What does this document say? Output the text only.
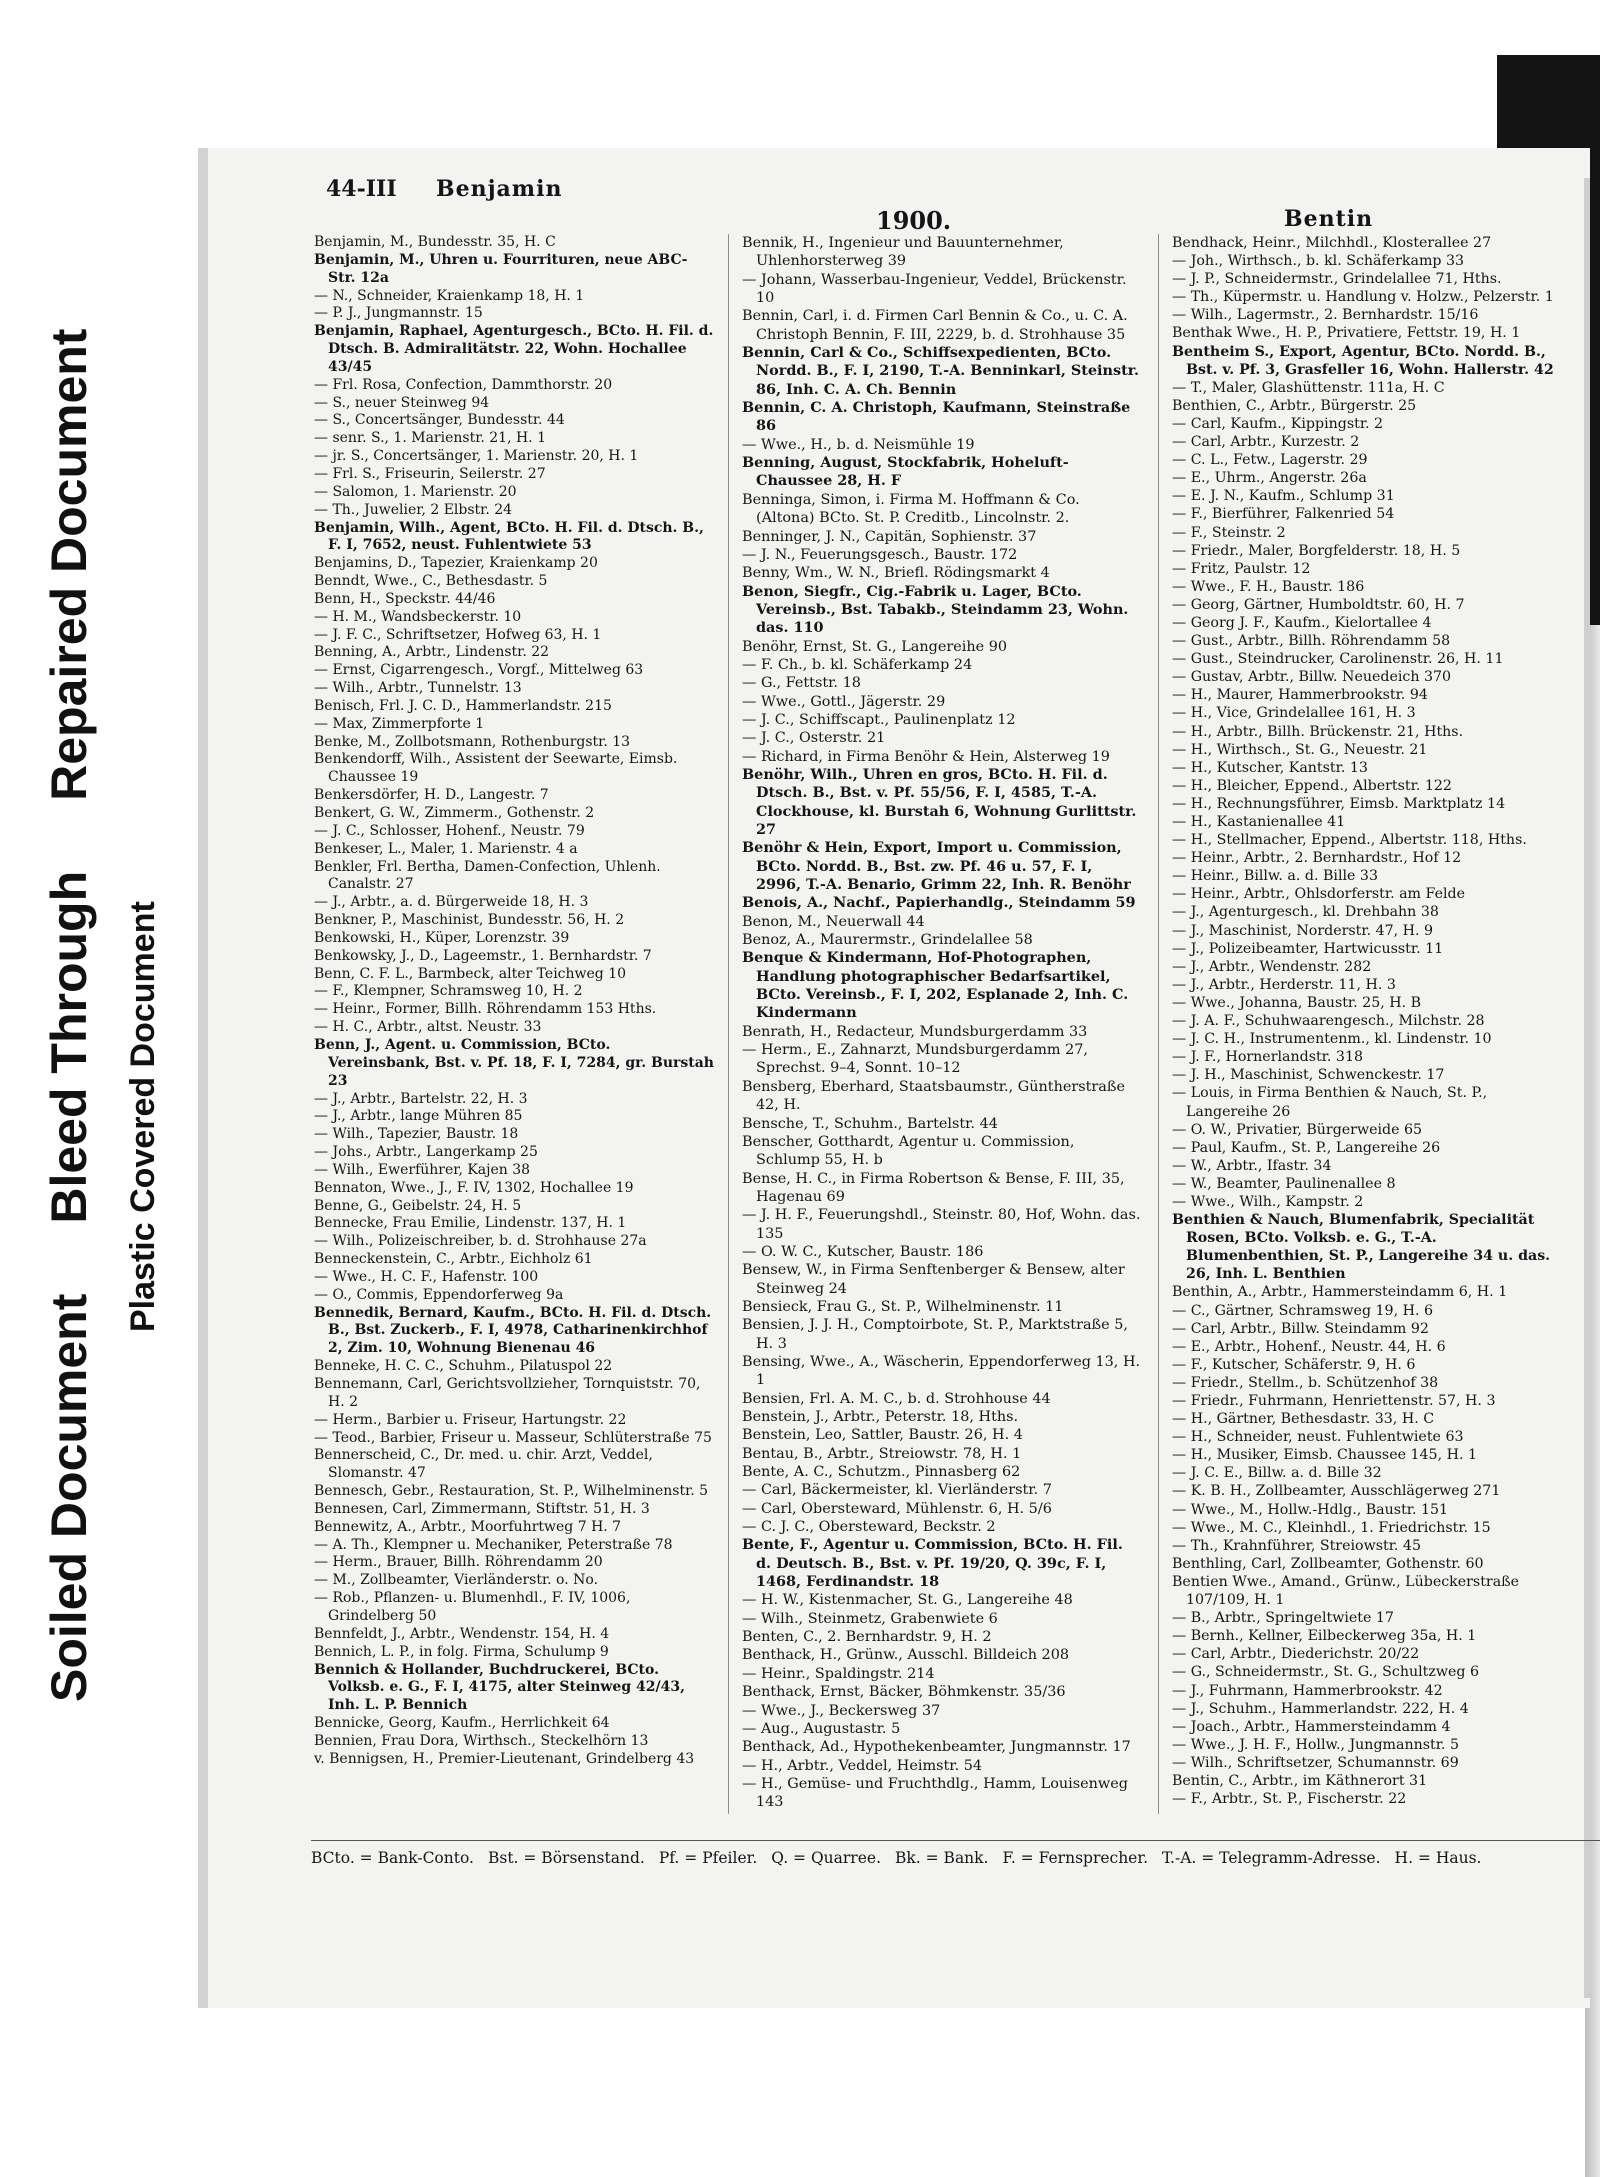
Soiled Document
Bleed Through
Repaired Document
Plastic Covered Document
44-III Benjamin
1900.	Bentin

Benjamin, M., Bundesstr. 35, H. C

Benjamin, M., Uhren u. Fourrituren, neue ABC-Str. 12a

— N., Schneider, Kraienkamp 18, H. 1

— P. J., Jungmannstr. 15

Benjamin, Raphael, Agenturgesch., BCto. H. Fil. d. Dtsch. B. Admiralitätstr. 22, Wohn. Hochallee 43/45

— Frl. Rosa, Confection, Dammthorstr. 20

— S., neuer Steinweg 94

— S., Concertsänger, Bundesstr. 44

— senr. S., 1. Marienstr. 21, H. 1

— jr. S., Concertsänger, 1. Marienstr. 20, H. 1

— Frl. S., Friseurin, Seilerstr. 27

— Salomon, 1. Marienstr. 20

— Th., Juwelier, 2 Elbstr. 24

Benjamin, Wilh., Agent, BCto. H. Fil. d. Dtsch. B., F. I, 7652, neust. Fuhlentwiete 53

Benjamins, D., Tapezier, Kraienkamp 20

Benndt, Wwe., C., Bethesdastr. 5

Benn, H., Speckstr. 44/46

— H. M., Wandsbeckerstr. 10

— J. F. C., Schriftsetzer, Hofweg 63, H. 1

Benning, A., Arbtr., Lindenstr. 22

— Ernst, Cigarrengesch., Vorgf., Mittelweg 63

— Wilh., Arbtr., Tunnelstr. 13

Benisch, Frl. J. C. D., Hammerlandstr. 215

— Max, Zimmerpforte 1

Benke, M., Zollbotsmann, Rothenburgstr. 13

Benkendorff, Wilh., Assistent der Seewarte, Eimsb. Chaussee 19

Benkersdörfer, H. D., Langestr. 7

Benkert, G. W., Zimmerm., Gothenstr. 2

— J. C., Schlosser, Hohenf., Neustr. 79

Benkeser, L., Maler, 1. Marienstr. 4 a

Benkler, Frl. Bertha, Damen-Confection, Uhlenh. Canalstr. 27

— J., Arbtr., a. d. Bürgerweide 18, H. 3

Benkner, P., Maschinist, Bundesstr. 56, H. 2

Benkowski, H., Küper, Lorenzstr. 39

Benkowsky, J., D., Lageemstr., 1. Bernhardstr. 7

Benn, C. F. L., Barmbeck, alter Teichweg 10

— F., Klempner, Schramsweg 10, H. 2

— Heinr., Former, Billh. Röhrendamm 153 Hths.

— H. C., Arbtr., altst. Neustr. 33

Benn, J., Agent. u. Commission, BCto. Vereinsbank, Bst. v. Pf. 18, F. I, 7284, gr. Burstah 23

— J., Arbtr., Bartelstr. 22, H. 3

— J., Arbtr., lange Mühren 85

— Wilh., Tapezier, Baustr. 18

— Johs., Arbtr., Langerkamp 25

— Wilh., Ewerführer, Kajen 38

Bennaton, Wwe., J., F. IV, 1302, Hochallee 19

Benne, G., Geibelstr. 24, H. 5

Bennecke, Frau Emilie, Lindenstr. 137, H. 1

— Wilh., Polizeischreiber, b. d. Strohhause 27a

Benneckenstein, C., Arbtr., Eichholz 61

— Wwe., H. C. F., Hafenstr. 100

— O., Commis, Eppendorferweg 9a

Bennedik, Bernard, Kaufm., BCto. H. Fil. d. Dtsch. B., Bst. Zuckerb., F. I, 4978, Catharinenkirchhof 2, Zim. 10, Wohnung Bienenau 46

Benneke, H. C. C., Schuhm., Pilatuspol 22

Bennemann, Carl, Gerichtsvollzieher, Tornquiststr. 70, H. 2

— Herm., Barbier u. Friseur, Hartungstr. 22

— Teod., Barbier, Friseur u. Masseur, Schlüterstraße 75

Bennerscheid, C., Dr. med. u. chir. Arzt, Veddel, Slomanstr. 47

Bennesch, Gebr., Restauration, St. P., Wilhelminenstr. 5

Bennesen, Carl, Zimmermann, Stiftstr. 51, H. 3

Bennewitz, A., Arbtr., Moorfuhrtweg 7 H. 7

— A. Th., Klempner u. Mechaniker, Peterstraße 78

— Herm., Brauer, Billh. Röhrendamm 20

— M., Zollbeamter, Vierländerstr. o. No.

— Rob., Pflanzen- u. Blumenhdl., F. IV, 1006, Grindelberg 50

Bennfeldt, J., Arbtr., Wendenstr. 154, H. 4

Bennich, L. P., in folg. Firma, Schulump 9

Bennich & Hollander, Buchdruckerei, BCto. Volksb. e. G., F. I, 4175, alter Steinweg 42/43, Inh. L. P. Bennich

Bennicke, Georg, Kaufm., Herrlichkeit 64

Bennien, Frau Dora, Wirthsch., Steckelhörn 13

v. Bennigsen, H., Premier-Lieutenant, Grindelberg 43

Bennik, H., Ingenieur und Bauunternehmer, Uhlenhorsterweg 39

— Johann, Wasserbau-Ingenieur, Veddel, Brückenstr. 10

Bennin, Carl, i. d. Firmen Carl Bennin & Co., u. C. A. Christoph Bennin, F. III, 2229, b. d. Strohhause 35

Bennin, Carl & Co., Schiffsexpedienten, BCto. Nordd. B., F. I, 2190, T.-A. Benninkarl, Steinstr. 86, Inh. C. A. Ch. Bennin

Bennin, C. A. Christoph, Kaufmann, Steinstraße 86

— Wwe., H., b. d. Neismühle 19

Benning, August, Stockfabrik, Hoheluft-Chaussee 28, H. F

Benninga, Simon, i. Firma M. Hoffmann & Co. (Altona) BCto. St. P. Creditb., Lincolnstr. 2.

Benninger, J. N., Capitän, Sophienstr. 37

— J. N., Feuerungsgesch., Baustr. 172

Benny, Wm., W. N., Briefl. Rödingsmarkt 4

Benon, Siegfr., Cig.-Fabrik u. Lager, BCto. Vereinsb., Bst. Tabakb., Steindamm 23, Wohn. das. 110

Benöhr, Ernst, St. G., Langereihe 90

— F. Ch., b. kl. Schäferkamp 24

— G., Fettstr. 18

— Wwe., Gottl., Jägerstr. 29

— J. C., Schiffscapt., Paulinenplatz 12

— J. C., Osterstr. 21

— Richard, in Firma Benöhr & Hein, Alsterweg 19

Benöhr, Wilh., Uhren en gros, BCto. H. Fil. d. Dtsch. B., Bst. v. Pf. 55/56, F. I, 4585, T.-A. Clockhouse, kl. Burstah 6, Wohnung Gurlittstr. 27

Benöhr & Hein, Export, Import u. Commission, BCto. Nordd. B., Bst. zw. Pf. 46 u. 57, F. I, 2996, T.-A. Benario, Grimm 22, Inh. R. Benöhr

Benois, A., Nachf., Papierhandlg., Steindamm 59

Benon, M., Neuerwall 44

Benoz, A., Maurermstr., Grindelallee 58

Benque & Kindermann, Hof-Photographen, Handlung photographischer Bedarfsartikel, BCto. Vereinsb., F. I, 202, Esplanade 2, Inh. C. Kindermann

Benrath, H., Redacteur, Mundsburgerdamm 33

— Herm., E., Zahnarzt, Mundsburgerdamm 27, Sprechst. 9–4, Sonnt. 10–12

Bensberg, Eberhard, Staatsbaumstr., Güntherstraße 42, H.

Bensche, T., Schuhm., Bartelstr. 44

Benscher, Gotthardt, Agentur u. Commission, Schlump 55, H. b

Bense, H. C., in Firma Robertson & Bense, F. III, 35, Hagenau 69

— J. H. F., Feuerungshdl., Steinstr. 80, Hof, Wohn. das. 135

— O. W. C., Kutscher, Baustr. 186

Bensew, W., in Firma Senftenberger & Bensew, alter Steinweg 24

Bensieck, Frau G., St. P., Wilhelminenstr. 11

Bensien, J. J. H., Comptoirbote, St. P., Marktstraße 5, H. 3

Bensing, Wwe., A., Wäscherin, Eppendorferweg 13, H. 1

Bensien, Frl. A. M. C., b. d. Strohhouse 44

Benstein, J., Arbtr., Peterstr. 18, Hths.

Benstein, Leo, Sattler, Baustr. 26, H. 4

Bentau, B., Arbtr., Streiowstr. 78, H. 1

Bente, A. C., Schutzm., Pinnasberg 62

— Carl, Bäckermeister, kl. Vierländerstr. 7

— Carl, Obersteward, Mühlenstr. 6, H. 5/6

— C. J. C., Obersteward, Beckstr. 2

Bente, F., Agentur u. Commission, BCto. H. Fil. d. Deutsch. B., Bst. v. Pf. 19/20, Q. 39c, F. I, 1468, Ferdinandstr. 18

— H. W., Kistenmacher, St. G., Langereihe 48

— Wilh., Steinmetz, Grabenwiete 6

Benten, C., 2. Bernhardstr. 9, H. 2

Benthack, H., Grünw., Ausschl. Billdeich 208

— Heinr., Spaldingstr. 214

Benthack, Ernst, Bäcker, Böhmkenstr. 35/36

— Wwe., J., Beckersweg 37

— Aug., Augustastr. 5

Benthack, Ad., Hypothekenbeamter, Jungmannstr. 17

— H., Arbtr., Veddel, Heimstr. 54

— H., Gemüse- und Fruchthdlg., Hamm, Louisenweg 143

Bendhack, Heinr., Milchhdl., Klosterallee 27

— Joh., Wirthsch., b. kl. Schäferkamp 33

— J. P., Schneidermstr., Grindelallee 71, Hths.

— Th., Küpermstr. u. Handlung v. Holzw., Pelzerstr. 1

— Wilh., Lagermstr., 2. Bernhardstr. 15/16

Benthak Wwe., H. P., Privatiere, Fettstr. 19, H. 1

Bentheim S., Export, Agentur, BCto. Nordd. B., Bst. v. Pf. 3, Grasfeller 16, Wohn. Hallerstr. 42

— T., Maler, Glashüttenstr. 111a, H. C

Benthien, C., Arbtr., Bürgerstr. 25

— Carl, Kaufm., Kippingstr. 2

— Carl, Arbtr., Kurzestr. 2

— C. L., Fetw., Lagerstr. 29

— E., Uhrm., Angerstr. 26a

— E. J. N., Kaufm., Schlump 31

— F., Bierführer, Falkenried 54

— F., Steinstr. 2

— Friedr., Maler, Borgfelderstr. 18, H. 5

— Fritz, Paulstr. 12

— Wwe., F. H., Baustr. 186

— Georg, Gärtner, Humboldtstr. 60, H. 7

— Georg J. F., Kaufm., Kielortallee 4

— Gust., Arbtr., Billh. Röhrendamm 58

— Gust., Steindrucker, Carolinenstr. 26, H. 11

— Gustav, Arbtr., Billw. Neuedeich 370

— H., Maurer, Hammerbrookstr. 94

— H., Vice, Grindelallee 161, H. 3

— H., Arbtr., Billh. Brückenstr. 21, Hths.

— H., Wirthsch., St. G., Neuestr. 21

— H., Kutscher, Kantstr. 13

— H., Bleicher, Eppend., Albertstr. 122

— H., Rechnungsführer, Eimsb. Marktplatz 14

— H., Kastanienallee 41

— H., Stellmacher, Eppend., Albertstr. 118, Hths.

— Heinr., Arbtr., 2. Bernhardstr., Hof 12

— Heinr., Billw. a. d. Bille 33

— Heinr., Arbtr., Ohlsdorferstr. am Felde

— J., Agenturgesch., kl. Drehbahn 38

— J., Maschinist, Norderstr. 47, H. 9

— J., Polizeibeamter, Hartwicusstr. 11

— J., Arbtr., Wendenstr. 282

— J., Arbtr., Herderstr. 11, H. 3

— Wwe., Johanna, Baustr. 25, H. B

— J. A. F., Schuhwaarengesch., Milchstr. 28

— J. C. H., Instrumentenm., kl. Lindenstr. 10

— J. F., Hornerlandstr. 318

— J. H., Maschinist, Schwenckestr. 17

— Louis, in Firma Benthien & Nauch, St. P., Langereihe 26

— O. W., Privatier, Bürgerweide 65

— Paul, Kaufm., St. P., Langereihe 26

— W., Arbtr., Ifastr. 34

— W., Beamter, Paulinenallee 8

— Wwe., Wilh., Kampstr. 2

Benthien & Nauch, Blumenfabrik, Specialität Rosen, BCto. Volksb. e. G., T.-A. Blumenbenthien, St. P., Langereihe 34 u. das. 26, Inh. L. Benthien

Benthin, A., Arbtr., Hammersteindamm 6, H. 1

— C., Gärtner, Schramsweg 19, H. 6

— Carl, Arbtr., Billw. Steindamm 92

— E., Arbtr., Hohenf., Neustr. 44, H. 6

— F., Kutscher, Schäferstr. 9, H. 6

— Friedr., Stellm., b. Schützenhof 38

— Friedr., Fuhrmann, Henriettenstr. 57, H. 3

— H., Gärtner, Bethesdastr. 33, H. C

— H., Schneider, neust. Fuhlentwiete 63

— H., Musiker, Eimsb. Chaussee 145, H. 1

— J. C. E., Billw. a. d. Bille 32

— K. B. H., Zollbeamter, Ausschlägerweg 271

— Wwe., M., Hollw.-Hdlg., Baustr. 151

— Wwe., M. C., Kleinhdl., 1. Friedrichstr. 15

— Th., Krahnführer, Streiowstr. 45

Benthling, Carl, Zollbeamter, Gothenstr. 60

Bentien Wwe., Amand., Grünw., Lübeckerstraße 107/109, H. 1

— B., Arbtr., Springeltwiete 17

— Bernh., Kellner, Eilbeckerweg 35a, H. 1

— Carl, Arbtr., Diederichstr. 20/22

— G., Schneidermstr., St. G., Schultzweg 6

— J., Fuhrmann, Hammerbrookstr. 42

— J., Schuhm., Hammerlandstr. 222, H. 4

— Joach., Arbtr., Hammersteindamm 4

— Wwe., J. H. F., Hollw., Jungmannstr. 5

— Wilh., Schriftsetzer, Schumannstr. 69

Bentin, C., Arbtr., im Käthnerort 31

— F., Arbtr., St. P., Fischerstr. 22

BCto. = Bank-Conto. Bst. = Börsenstand. Pf. = Pfeiler. Q. = Quarree. Bk. = Bank. F. = Fernsprecher. T.-A. = Telegramm-Adresse. H. = Haus.
